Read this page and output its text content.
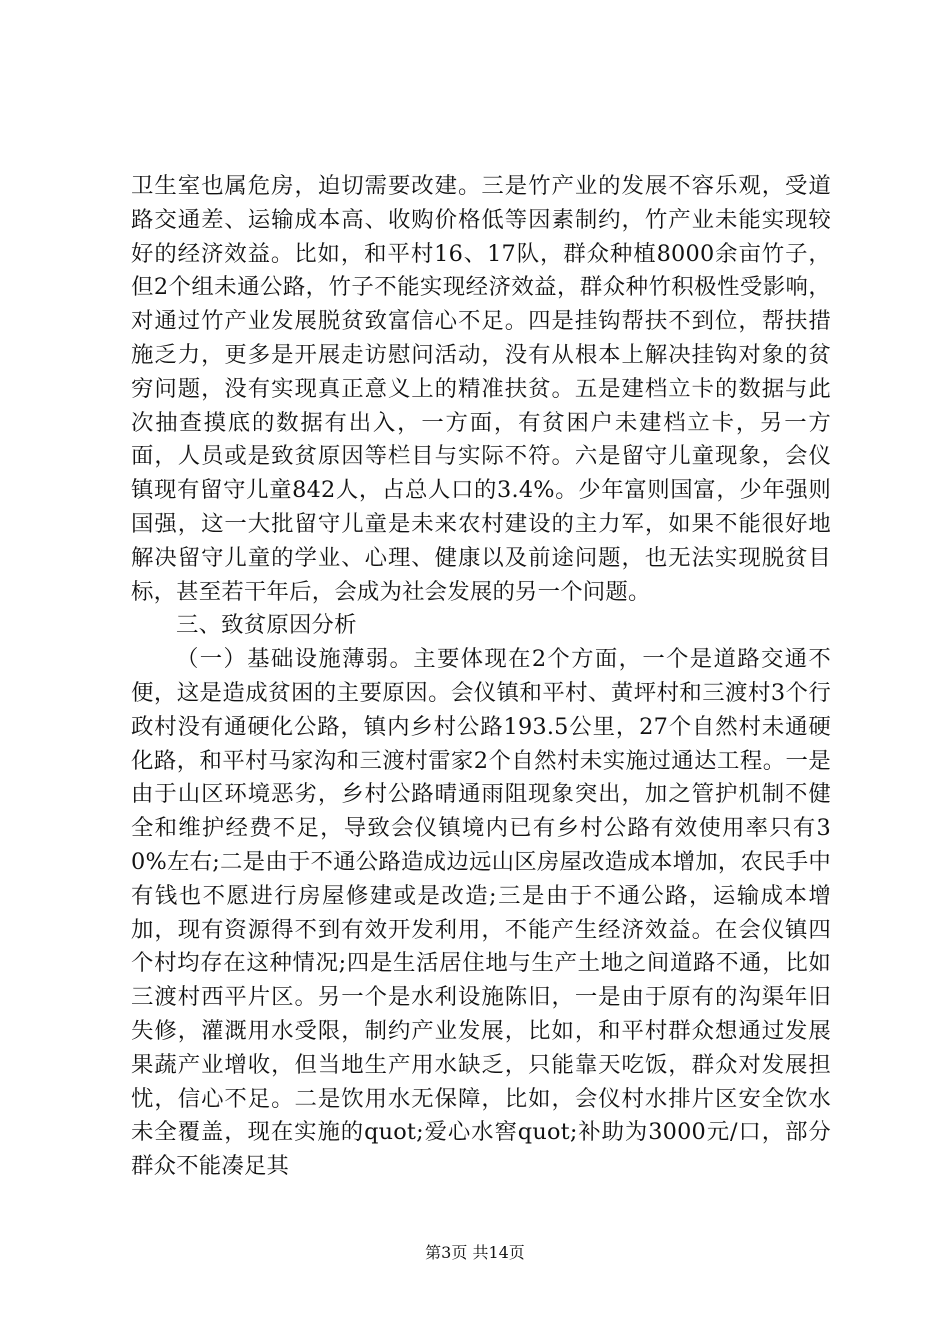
卫生室也属危房，迫切需要改建。三是竹产业的发展不容乐观，受道路交通差、运输成本高、收购价格低等因素制约，竹产业未能实现较好的经济效益。比如，和平村16、17队，群众种植8000余亩竹子，但2个组未通公路，竹子不能实现经济效益，群众种竹积极性受影响，对通过竹产业发展脱贫致富信心不足。四是挂钩帮扶不到位，帮扶措施乏力，更多是开展走访慰问活动，没有从根本上解决挂钩对象的贫穷问题，没有实现真正意义上的精准扶贫。五是建档立卡的数据与此次抽查摸底的数据有出入，一方面，有贫困户未建档立卡，另一方面，人员或是致贫原因等栏目与实际不符。六是留守儿童现象，会仪镇现有留守儿童842人，占总人口的3.4%。少年富则国富，少年强则国强，这一大批留守儿童是未来农村建设的主力军，如果不能很好地解决留守儿童的学业、心理、健康以及前途问题，也无法实现脱贫目标，甚至若干年后，会成为社会发展的另一个问题。

三、致贫原因分析

（一）基础设施薄弱。主要体现在2个方面，一个是道路交通不便，这是造成贫困的主要原因。会仪镇和平村、黄坪村和三渡村3个行政村没有通硬化公路，镇内乡村公路193.5公里，27个自然村未通硬化路，和平村马家沟和三渡村雷家2个自然村未实施过通达工程。一是由于山区环境恶劣，乡村公路晴通雨阻现象突出，加之管护机制不健全和维护经费不足，导致会仪镇境内已有乡村公路有效使用率只有30%左右;二是由于不通公路造成边远山区房屋改造成本增加，农民手中有钱也不愿进行房屋修建或是改造;三是由于不通公路，运输成本增加，现有资源得不到有效开发利用，不能产生经济效益。在会仪镇四个村均存在这种情况;四是生活居住地与生产土地之间道路不通，比如三渡村西平片区。另一个是水利设施陈旧，一是由于原有的沟渠年旧失修，灌溉用水受限，制约产业发展，比如，和平村群众想通过发展果蔬产业增收，但当地生产用水缺乏，只能靠天吃饭，群众对发展担忧，信心不足。二是饮用水无保障，比如，会仪村水排片区安全饮水未全覆盖，现在实施的quot;爱心水窖quot;补助为3000元/口，部分群众不能凑足其

第3页 共14页
